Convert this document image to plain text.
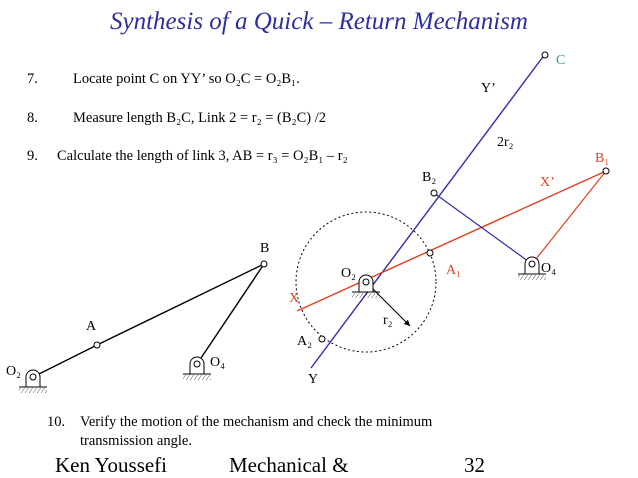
Synthesis of a Quick – Return Mechanism
7. Locate point C on YY’ so O₂C = O₂B₁.
8. Measure length B₂C, Link 2 = r₂ = (B₂C) /2
9. Calculate the length of link 3, AB = r₃ = O₂B₁ – r₂
C
Y’
2r₂
B₁
X’
B₂
O₄
A₁
O₂
X
r₂
A₂
Y
B
A
O₂
O₄
10. Verify the motion of the mechanism and check the minimum transmission angle.
Ken Youssefi	Mechanical &	32
